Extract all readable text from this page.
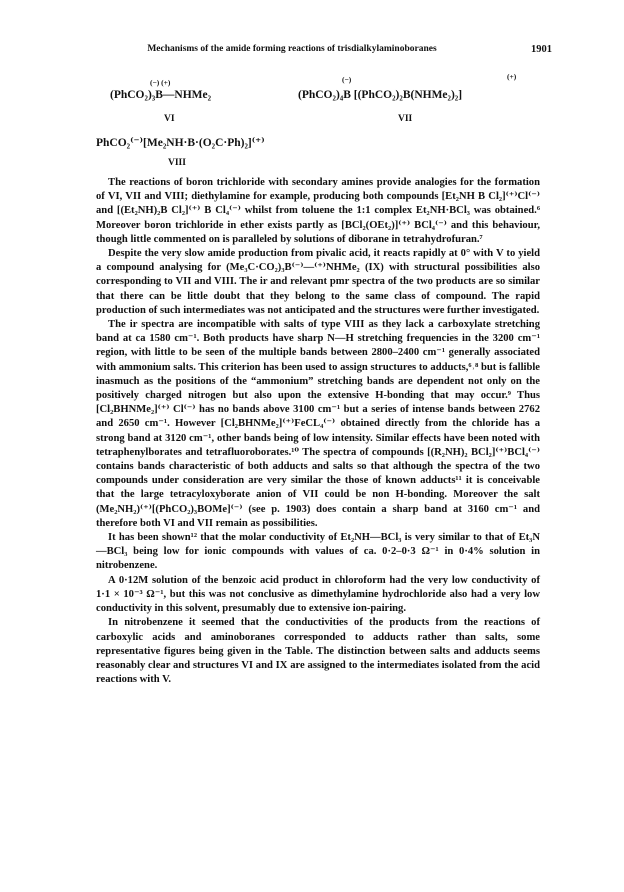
Mechanisms of the amide forming reactions of trisdialkylaminoboranes	1901
(−) (+)
(PhCO₂)₃B—NHMe₂
VI
(−)	(+)
(PhCO₂)₄B [(PhCO₂)₂B(NHMe₂)₂]
VII
PhCO₂⁽⁻⁾[Me₂NH·B·(O₂C·Ph)₂]⁽⁺⁾
VIII

The reactions of boron trichloride with secondary amines provide analogies for the formation of VI, VII and VIII; diethylamine for example, producing both compounds [Et₂NH B Cl₂]⁽⁺⁾Cl⁽⁻⁾ and [(Et₂NH)₂B Cl₂]⁽⁺⁾ B Cl₄⁽⁻⁾ whilst from toluene the 1:1 complex Et₂NH·BCl₃ was obtained.⁶ Moreover boron trichloride in ether exists partly as [BCl₂(OEt₂)]⁽⁺⁾ BCl₄⁽⁻⁾ and this behaviour, though little commented on is paralleled by solutions of diborane in tetrahydrofuran.⁷

Despite the very slow amide production from pivalic acid, it reacts rapidly at 0° with V to yield a compound analysing for (Me₃C·CO₂)₃B⁽⁻⁾—⁽⁺⁾NHMe₂ (IX) with structural possibilities also corresponding to VII and VIII. The ir and relevant pmr spectra of the two products are so similar that there can be little doubt that they belong to the same class of compound. The rapid production of such intermediates was not anticipated and the structures were further investigated.

The ir spectra are incompatible with salts of type VIII as they lack a carboxylate stretching band at ca 1580 cm⁻¹. Both products have sharp N—H stretching frequencies in the 3200 cm⁻¹ region, with little to be seen of the multiple bands between 2800–2400 cm⁻¹ generally associated with ammonium salts. This criterion has been used to assign structures to adducts,⁶˒⁸ but is fallible inasmuch as the positions of the “ammonium” stretching bands are dependent not only on the positively charged nitrogen but also upon the extensive H-bonding that may occur.⁹ Thus [Cl₂BHNMe₂]⁽⁺⁾ Cl⁽⁻⁾ has no bands above 3100 cm⁻¹ but a series of intense bands between 2762 and 2650 cm⁻¹. However [Cl₂BHNMe₂]⁽⁺⁾FeCL₄⁽⁻⁾ obtained directly from the chloride has a strong band at 3120 cm⁻¹, other bands being of low intensity. Similar effects have been noted with tetraphenylborates and tetrafluoroborates.¹⁰ The spectra of compounds [(R₂NH)₂ BCl₂]⁽⁺⁾BCl₄⁽⁻⁾ contains bands characteristic of both adducts and salts so that although the spectra of the two compounds under consideration are very similar the those of known adducts¹¹ it is conceivable that the large tetracyloxyborate anion of VII could be non H-bonding. Moreover the salt (Me₂NH₂)⁽⁺⁾[(PhCO₂)₃BOMe]⁽⁻⁾ (see p. 1903) does contain a sharp band at 3160 cm⁻¹ and therefore both VI and VII remain as possibilities.

It has been shown¹² that the molar conductivity of Et₂NH—BCl₃ is very similar to that of Et₃N—BCl₃ being low for ionic compounds with values of ca. 0·2–0·3 Ω⁻¹ in 0·4% solution in nitrobenzene.

A 0·12M solution of the benzoic acid product in chloroform had the very low conductivity of 1·1 × 10⁻³ Ω⁻¹, but this was not conclusive as dimethylamine hydrochloride also had a very low conductivity in this solvent, presumably due to extensive ion-pairing.

In nitrobenzene it seemed that the conductivities of the products from the reactions of carboxylic acids and aminoboranes corresponded to adducts rather than salts, some representative figures being given in the Table. The distinction between salts and adducts seems reasonably clear and structures VI and IX are assigned to the intermediates isolated from the acid reactions with V.
